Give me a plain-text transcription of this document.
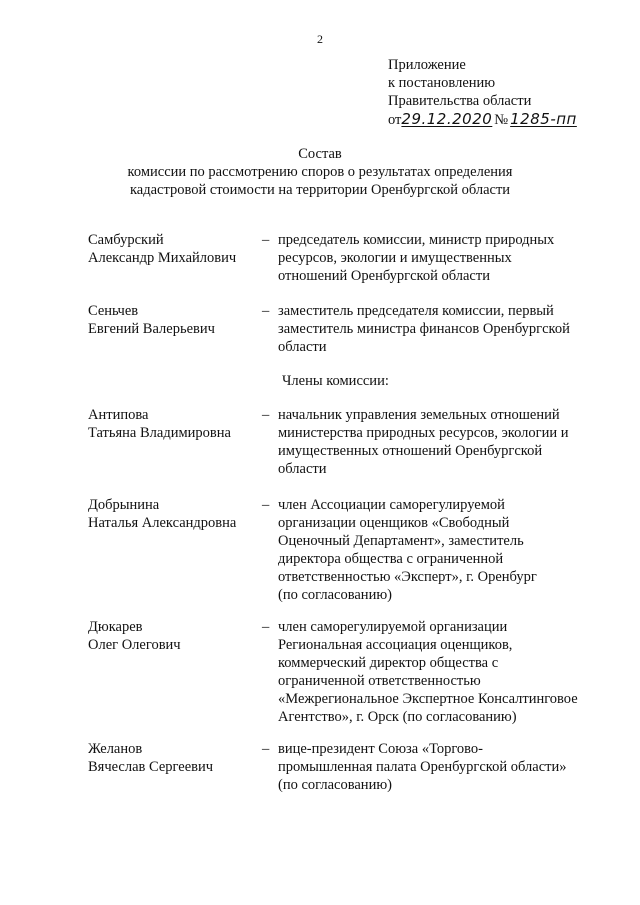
2
Приложение
к постановлению
Правительства области
от29.12.2020 № 1285-пп
Состав
комиссии по рассмотрению споров о результатах определения
кадастровой стоимости на территории Оренбургской области
Самбурский
Александр Михайлович
– председатель комиссии, министр природных
ресурсов, экологии и имущественных
отношений Оренбургской области
Сеньчев
Евгений Валерьевич
– заместитель председателя комиссии, первый
заместитель министра финансов Оренбургской
области
Члены комиссии:
Антипова
Татьяна Владимировна
– начальник управления земельных отношений
министерства природных ресурсов, экологии и
имущественных отношений Оренбургской
области
Добрынина
Наталья Александровна
– член Ассоциации саморегулируемой
организации оценщиков «Свободный
Оценочный Департамент», заместитель
директора общества с ограниченной
ответственностью «Эксперт», г. Оренбург
(по согласованию)
Дюкарев
Олег Олегович
– член саморегулируемой организации
Региональная ассоциация оценщиков,
коммерческий директор общества с
ограниченной ответственностью
«Межрегиональное Экспертное Консалтинговое
Агентство», г. Орск (по согласованию)
Желанов
Вячеслав Сергеевич
– вице-президент Союза «Торгово-
промышленная палата Оренбургской области»
(по согласованию)
